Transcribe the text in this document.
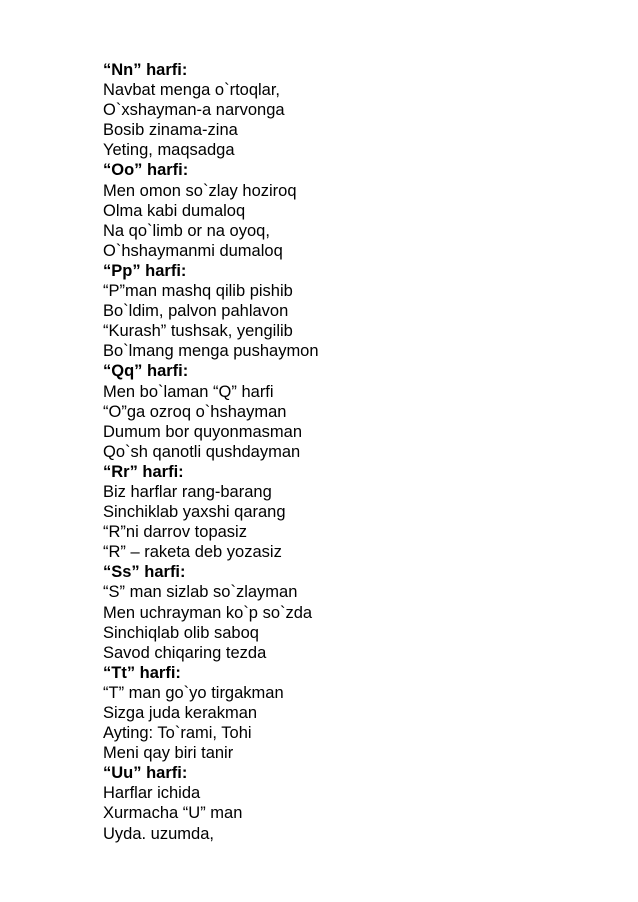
“Nn” harfi:
Navbat menga o`rtoqlar,
O`xshayman-a narvonga
Bosib zinama-zina
Yeting, maqsadga
“Oo” harfi:
Men omon so`zlay hoziroq
Olma kabi dumaloq
Na qo`limb or na oyoq,
O`hshaymanmi dumaloq
“Pp” harfi:
“P”man mashq qilib pishib
Bo`ldim, palvon pahlavon
“Kurash” tushsak, yengilib
Bo`lmang menga pushaymon
“Qq” harfi:
Men bo`laman “Q” harfi
“O”ga ozroq o`hshayman
Dumum bor quyonmasman
Qo`sh qanotli qushdayman
“Rr” harfi:
Biz harflar rang-barang
Sinchiklab yaxshi qarang
“R”ni darrov topasiz
“R” – raketa deb yozasiz
“Ss” harfi:
“S” man sizlab so`zlayman
Men uchrayman ko`p so`zda
Sinchiqlab olib saboq
Savod chiqaring tezda
“Tt” harfi:
“T” man go`yo tirgakman
Sizga juda kerakman
Ayting: To`rami, Tohi
Meni qay biri tanir
“Uu” harfi:
Harflar ichida
Xurmacha “U” man
Uyda. uzumda,
